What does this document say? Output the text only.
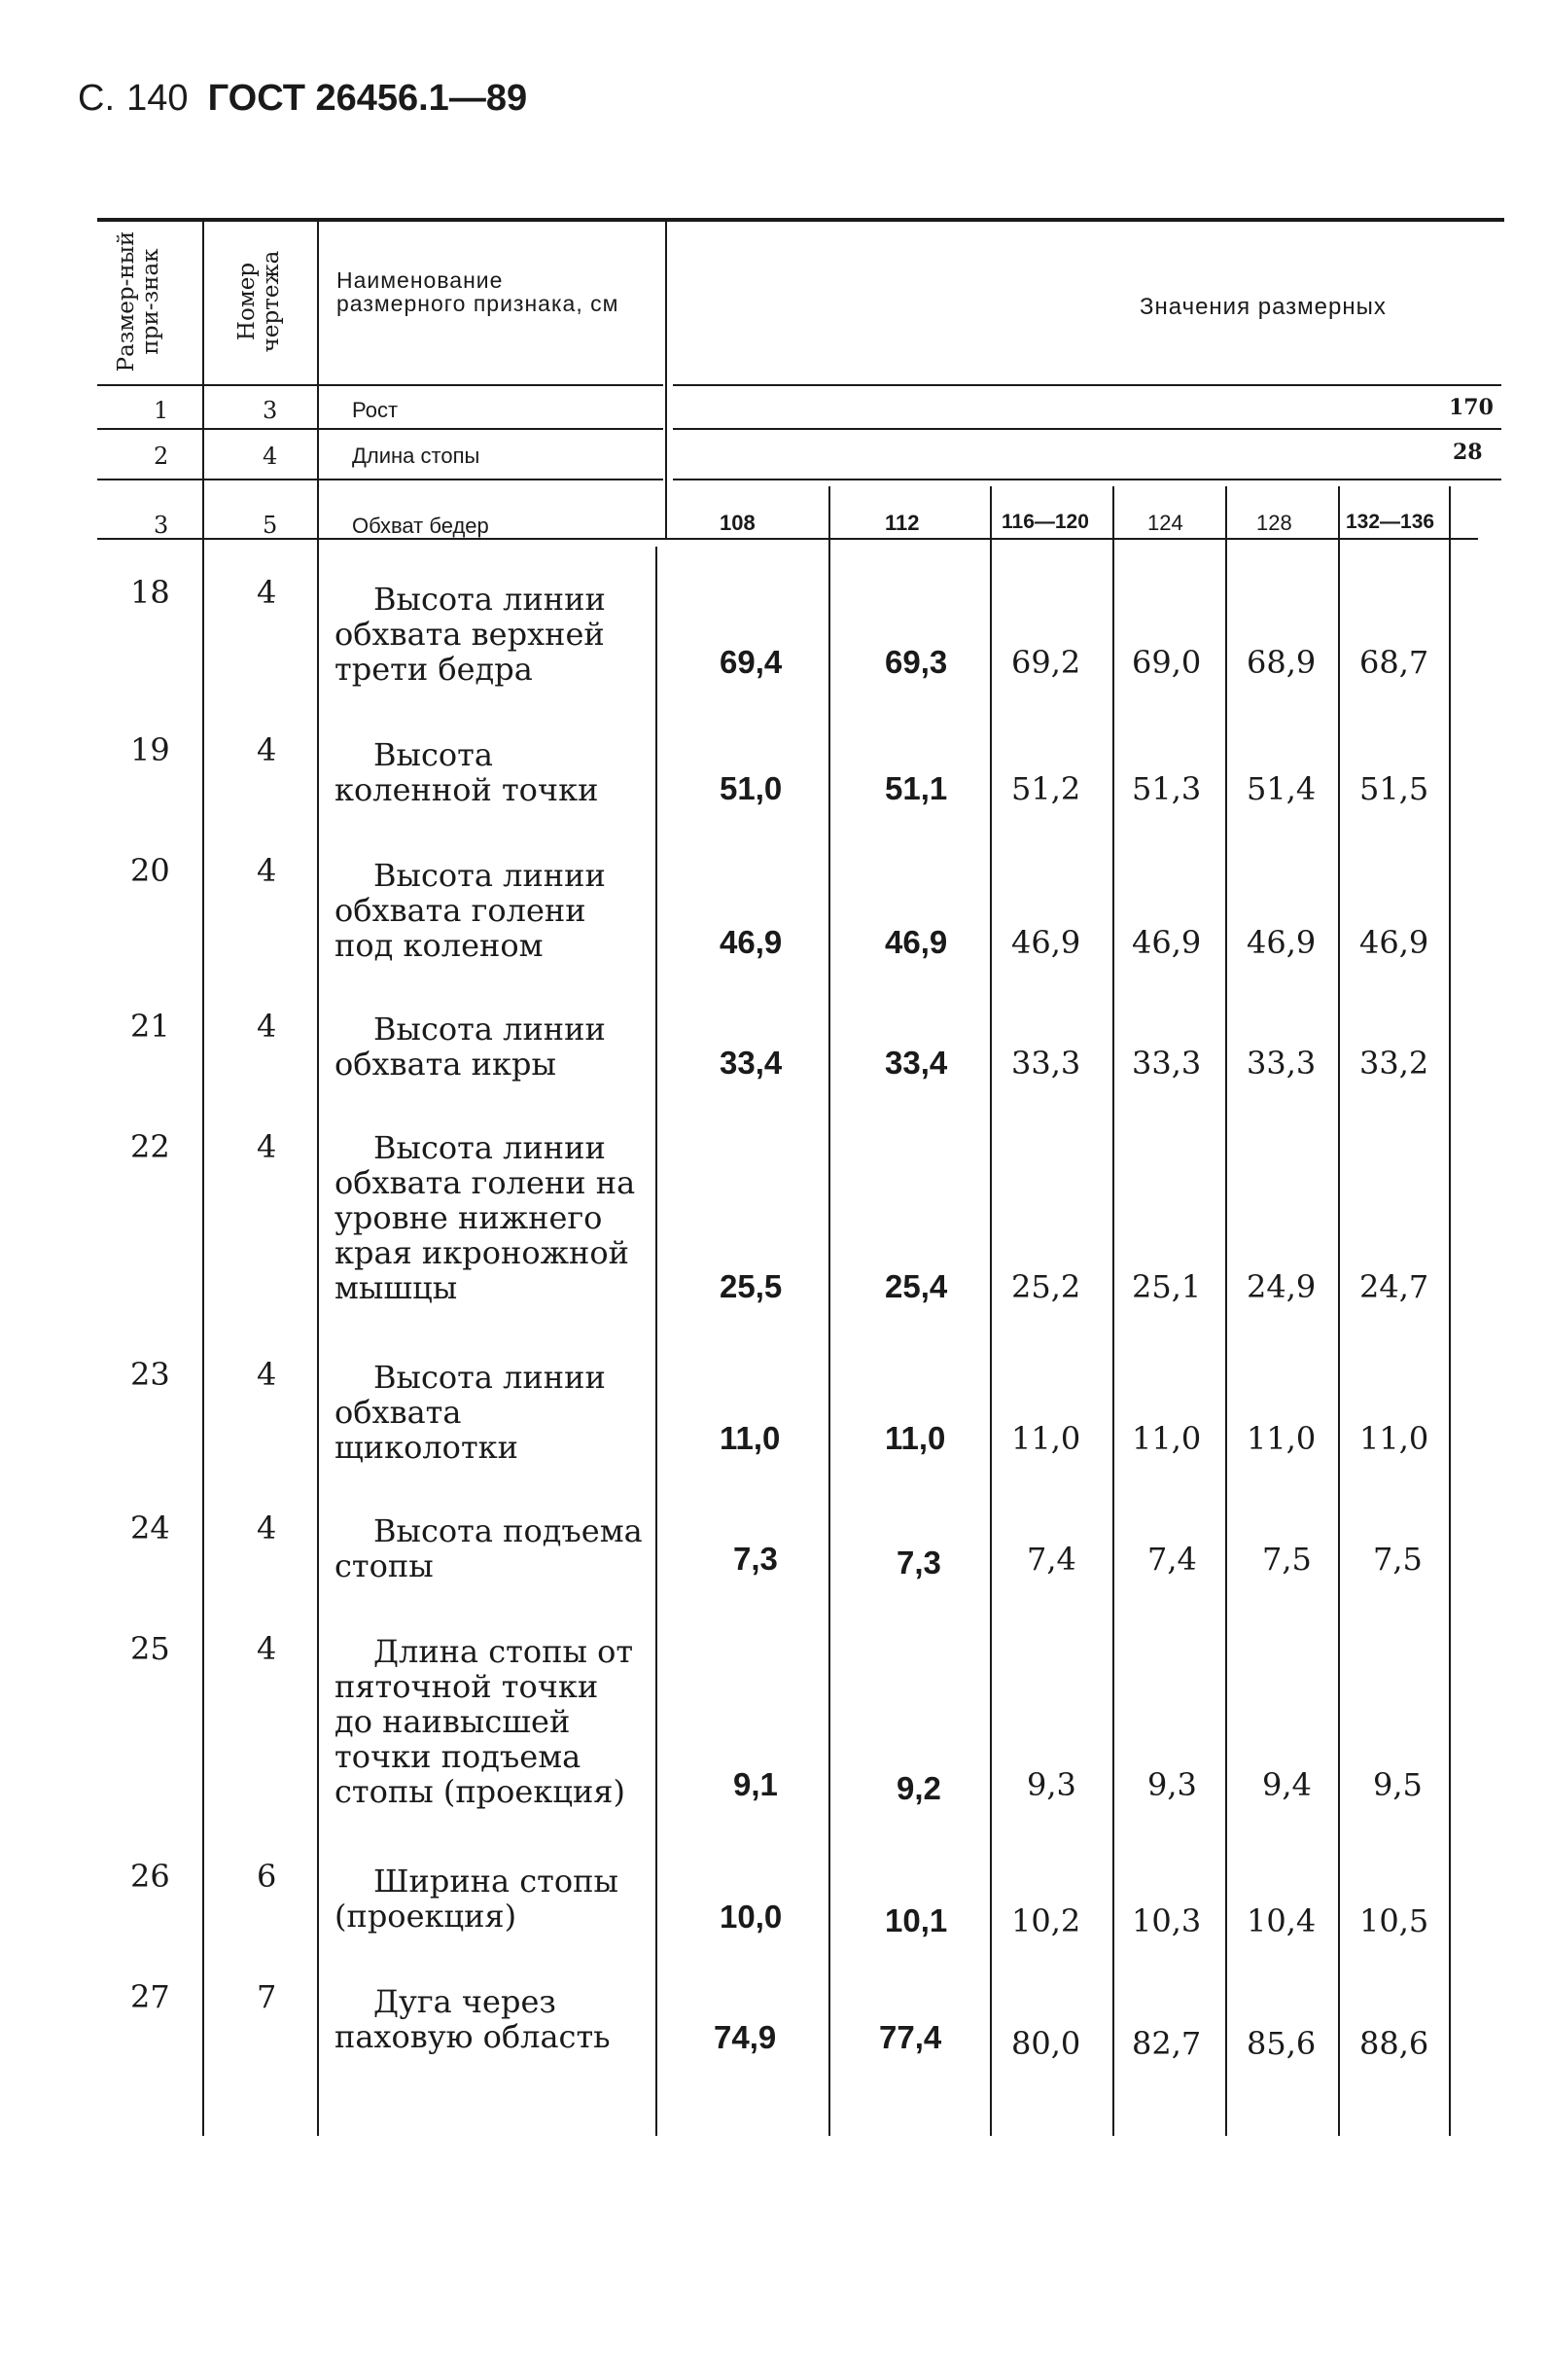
С. 140 ГОСТ 26456.1—89
Размер-ный при-знак	Номер чертежа Наименование размерного признака, см	Значения размерных
1	3	Рост	170
2	4	Длина стопы	28
3	5	Обхват бедер	108	112	116—120	124	128	132—136
18	4	Высота линии обхвата верхней трети бедра	69,4	69,3 69,2 69,0 68,9 68,7
19	4	Высота коленной точки	51,0	51,1 51,2 51,3 51,4 51,5
20	4	Высота линии обхвата голени под коленом	46,9	46,9 46,9 46,9 46,9 46,9
21	4	Высота линии обхвата икры	33,4	33,4 33,3 33,3 33,3 33,2
22	4	Высота линии обхвата голени на уровне нижнего края икроножной мышцы	25,5	25,4 25,2 25,1 24,9 24,7
23	4	Высота линии обхвата щиколотки	11,0	11,0 11,0 11,0 11,0 11,0
24	4	Высота подъема стопы	7,3	7,3	7,4 7,4 7,5 7,5
25	4	Длина стопы от пяточной точки до наивысшей точки подъема стопы (проекция)	9,1	9,2	9,3 9,3 9,4 9,5
26	6	Ширина стопы (проекция)	10,0	10,1 10,2 10,3 10,4 10,5
27	7	Дуга через паховую область	74,9	77,4 80,0 82,7 85,6 88,6
